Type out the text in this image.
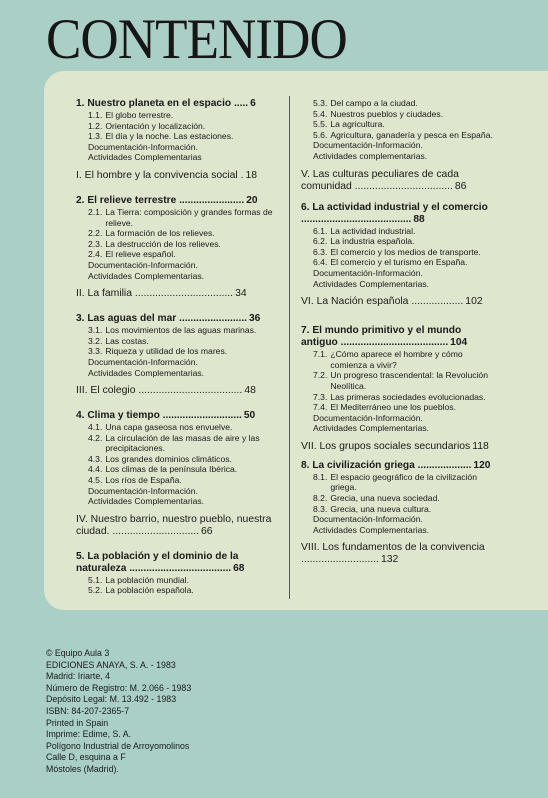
CONTENIDO
1. Nuestro planeta en el espacio ..... 6
1.1. El globo terrestre.
1.2. Orientación y localización.
1.3. El día y la noche. Las estaciones.
Documentación-Información.
Actividades Complementarias
I. El hombre y la convivencia social . 18
2. El relieve terrestre ....................... 20
2.1. La Tierra: composición y grandes formas de relieve.
2.2. La formación de los relieves.
2.3. La destrucción de los relieves.
2.4. El relieve español.
Documentación-Información.
Actividades Complementarias.
II. La familia .................................. 34
3. Las aguas del mar ........................ 36
3.1. Los movimientos de las aguas marinas.
3.2. Las costas.
3.3. Riqueza y utilidad de los mares.
Documentación-Información.
Actividades Complementarias.
III. El colegio .................................... 48
4. Clima y tiempo ............................ 50
4.1. Una capa gaseosa nos envuelve.
4.2. La circulación de las masas de aire y las precipitaciones.
4.3. Los grandes dominios climáticos.
4.4. Los climas de la península Ibérica.
4.5. Los ríos de España.
Documentación-Información.
Actividades Complementarias.
IV. Nuestro barrio, nuestro pueblo, nuestra ciudad. .............................. 66
5. La población y el dominio de la naturaleza .................................... 68
5.1. La población mundial.
5.2. La población española.
5.3. Del campo a la ciudad.
5.4. Nuestros pueblos y ciudades.
5.5. La agricultura.
5.6. Agricultura, ganadería y pesca en España.
Documentación-Información.
Actividades complementarias.
V. Las culturas peculiares de cada comunidad .................................. 86
6. La actividad industrial y el comercio ....................................... 88
6.1. La actividad industrial.
6.2. La industria española.
6.3. El comercio y los medios de transporte.
6.4. El comercio y el turismo en España.
Documentación-Información.
Actividades Complementarias.
VI. La Nación española .................. 102
7. El mundo primitivo y el mundo antiguo ...................................... 104
7.1. ¿Cómo aparece el hombre y cómo comienza a vivir?
7.2. Un progreso trascendental: la Revolución Neolítica.
7.3. Las primeras sociedades evolucionadas.
7.4. El Mediterráneo une los pueblos.
Documentación-Información.
Actividades Complementarias.
VII. Los grupos sociales secundarios 118
8. La civilización griega ................... 120
8.1. El espacio geográfico de la civilización griega.
8.2. Grecia, una nueva sociedad.
8.3. Grecia, una nueva cultura.
Documentación-Información.
Actividades Complementarias.
VIII. Los fundamentos de la convivencia ........................... 132
© Equipo Aula 3
EDICIONES ANAYA, S. A. - 1983
Madrid: Iriarte, 4
Número de Registro: M. 2.066 - 1983
Depósito Legal: M. 13.492 - 1983
ISBN: 84-207-2365-7
Printed in Spain
Imprime: Edime, S. A.
Polígono Industrial de Arroyomolinos
Calle D, esquina a F
Móstoles (Madrid).
